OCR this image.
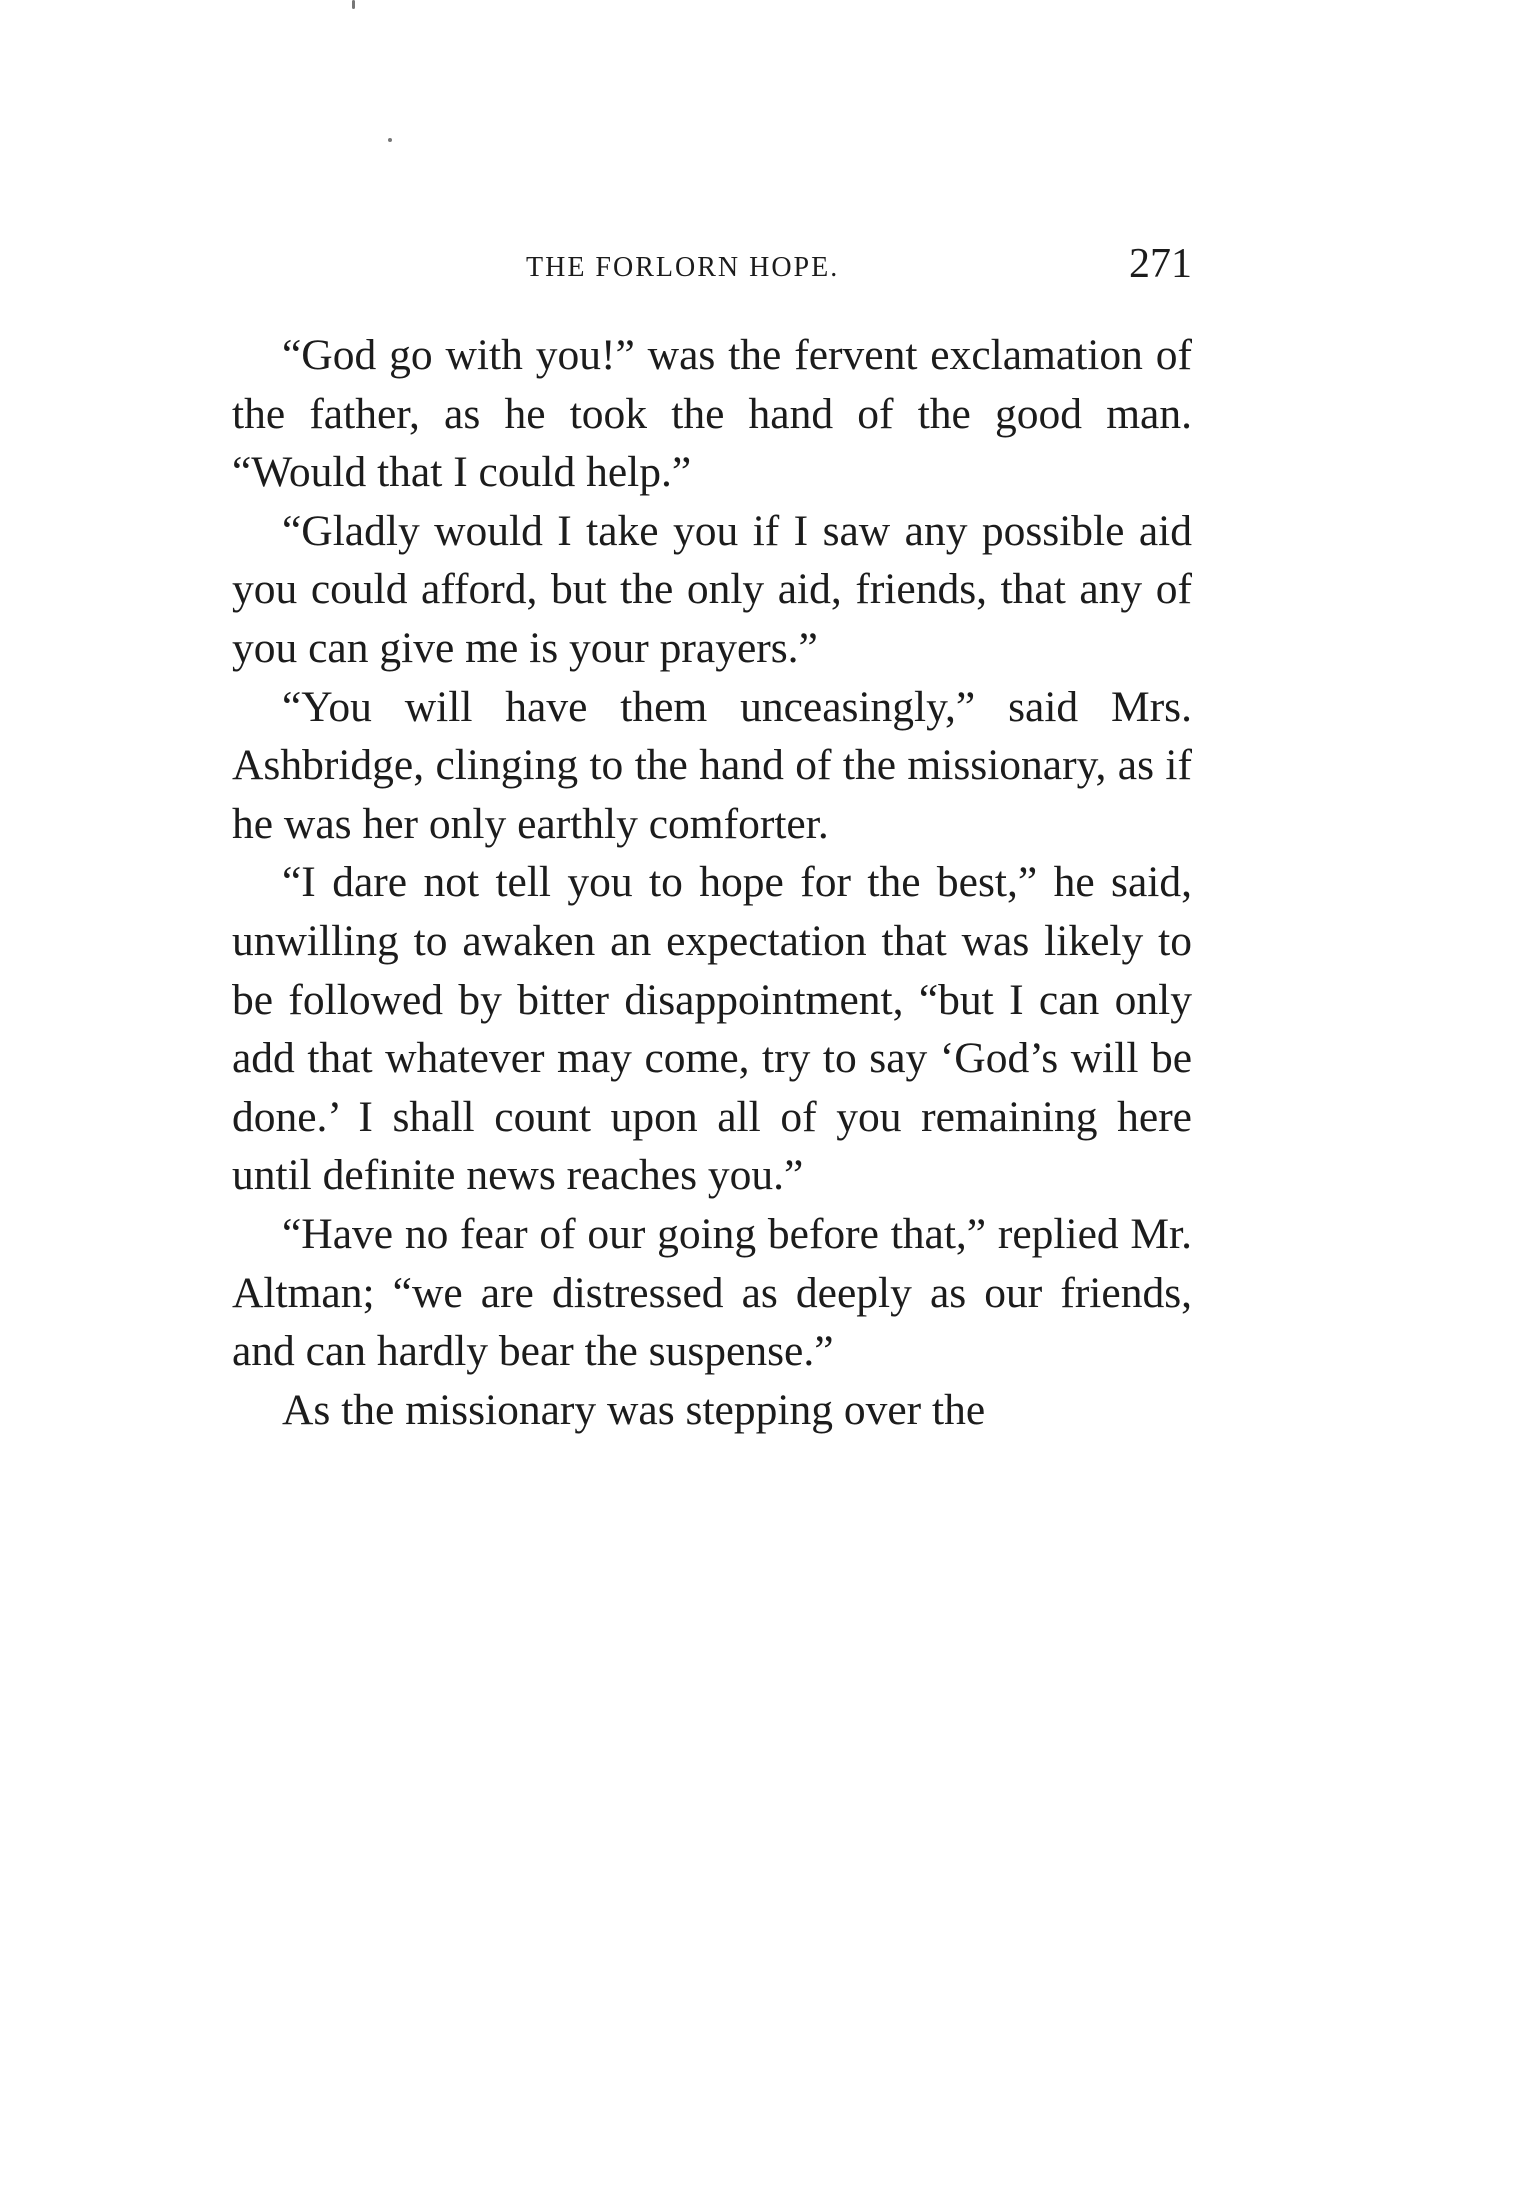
THE FORLORN HOPE.	271

“God go with you!” was the fervent exclamation of the father, as he took the hand of the good man. “Would that I could help.”

“Gladly would I take you if I saw any possible aid you could afford, but the only aid, friends, that any of you can give me is your prayers.”

“You will have them unceasingly,” said Mrs. Ashbridge, clinging to the hand of the missionary, as if he was her only earthly comforter.

“I dare not tell you to hope for the best,” he said, unwilling to awaken an expectation that was likely to be followed by bitter disappointment, “but I can only add that whatever may come, try to say ‘God’s will be done.’ I shall count upon all of you remaining here until definite news reaches you.”

“Have no fear of our going before that,” replied Mr. Altman; “we are distressed as deeply as our friends, and can hardly bear the suspense.”

As the missionary was stepping over the
